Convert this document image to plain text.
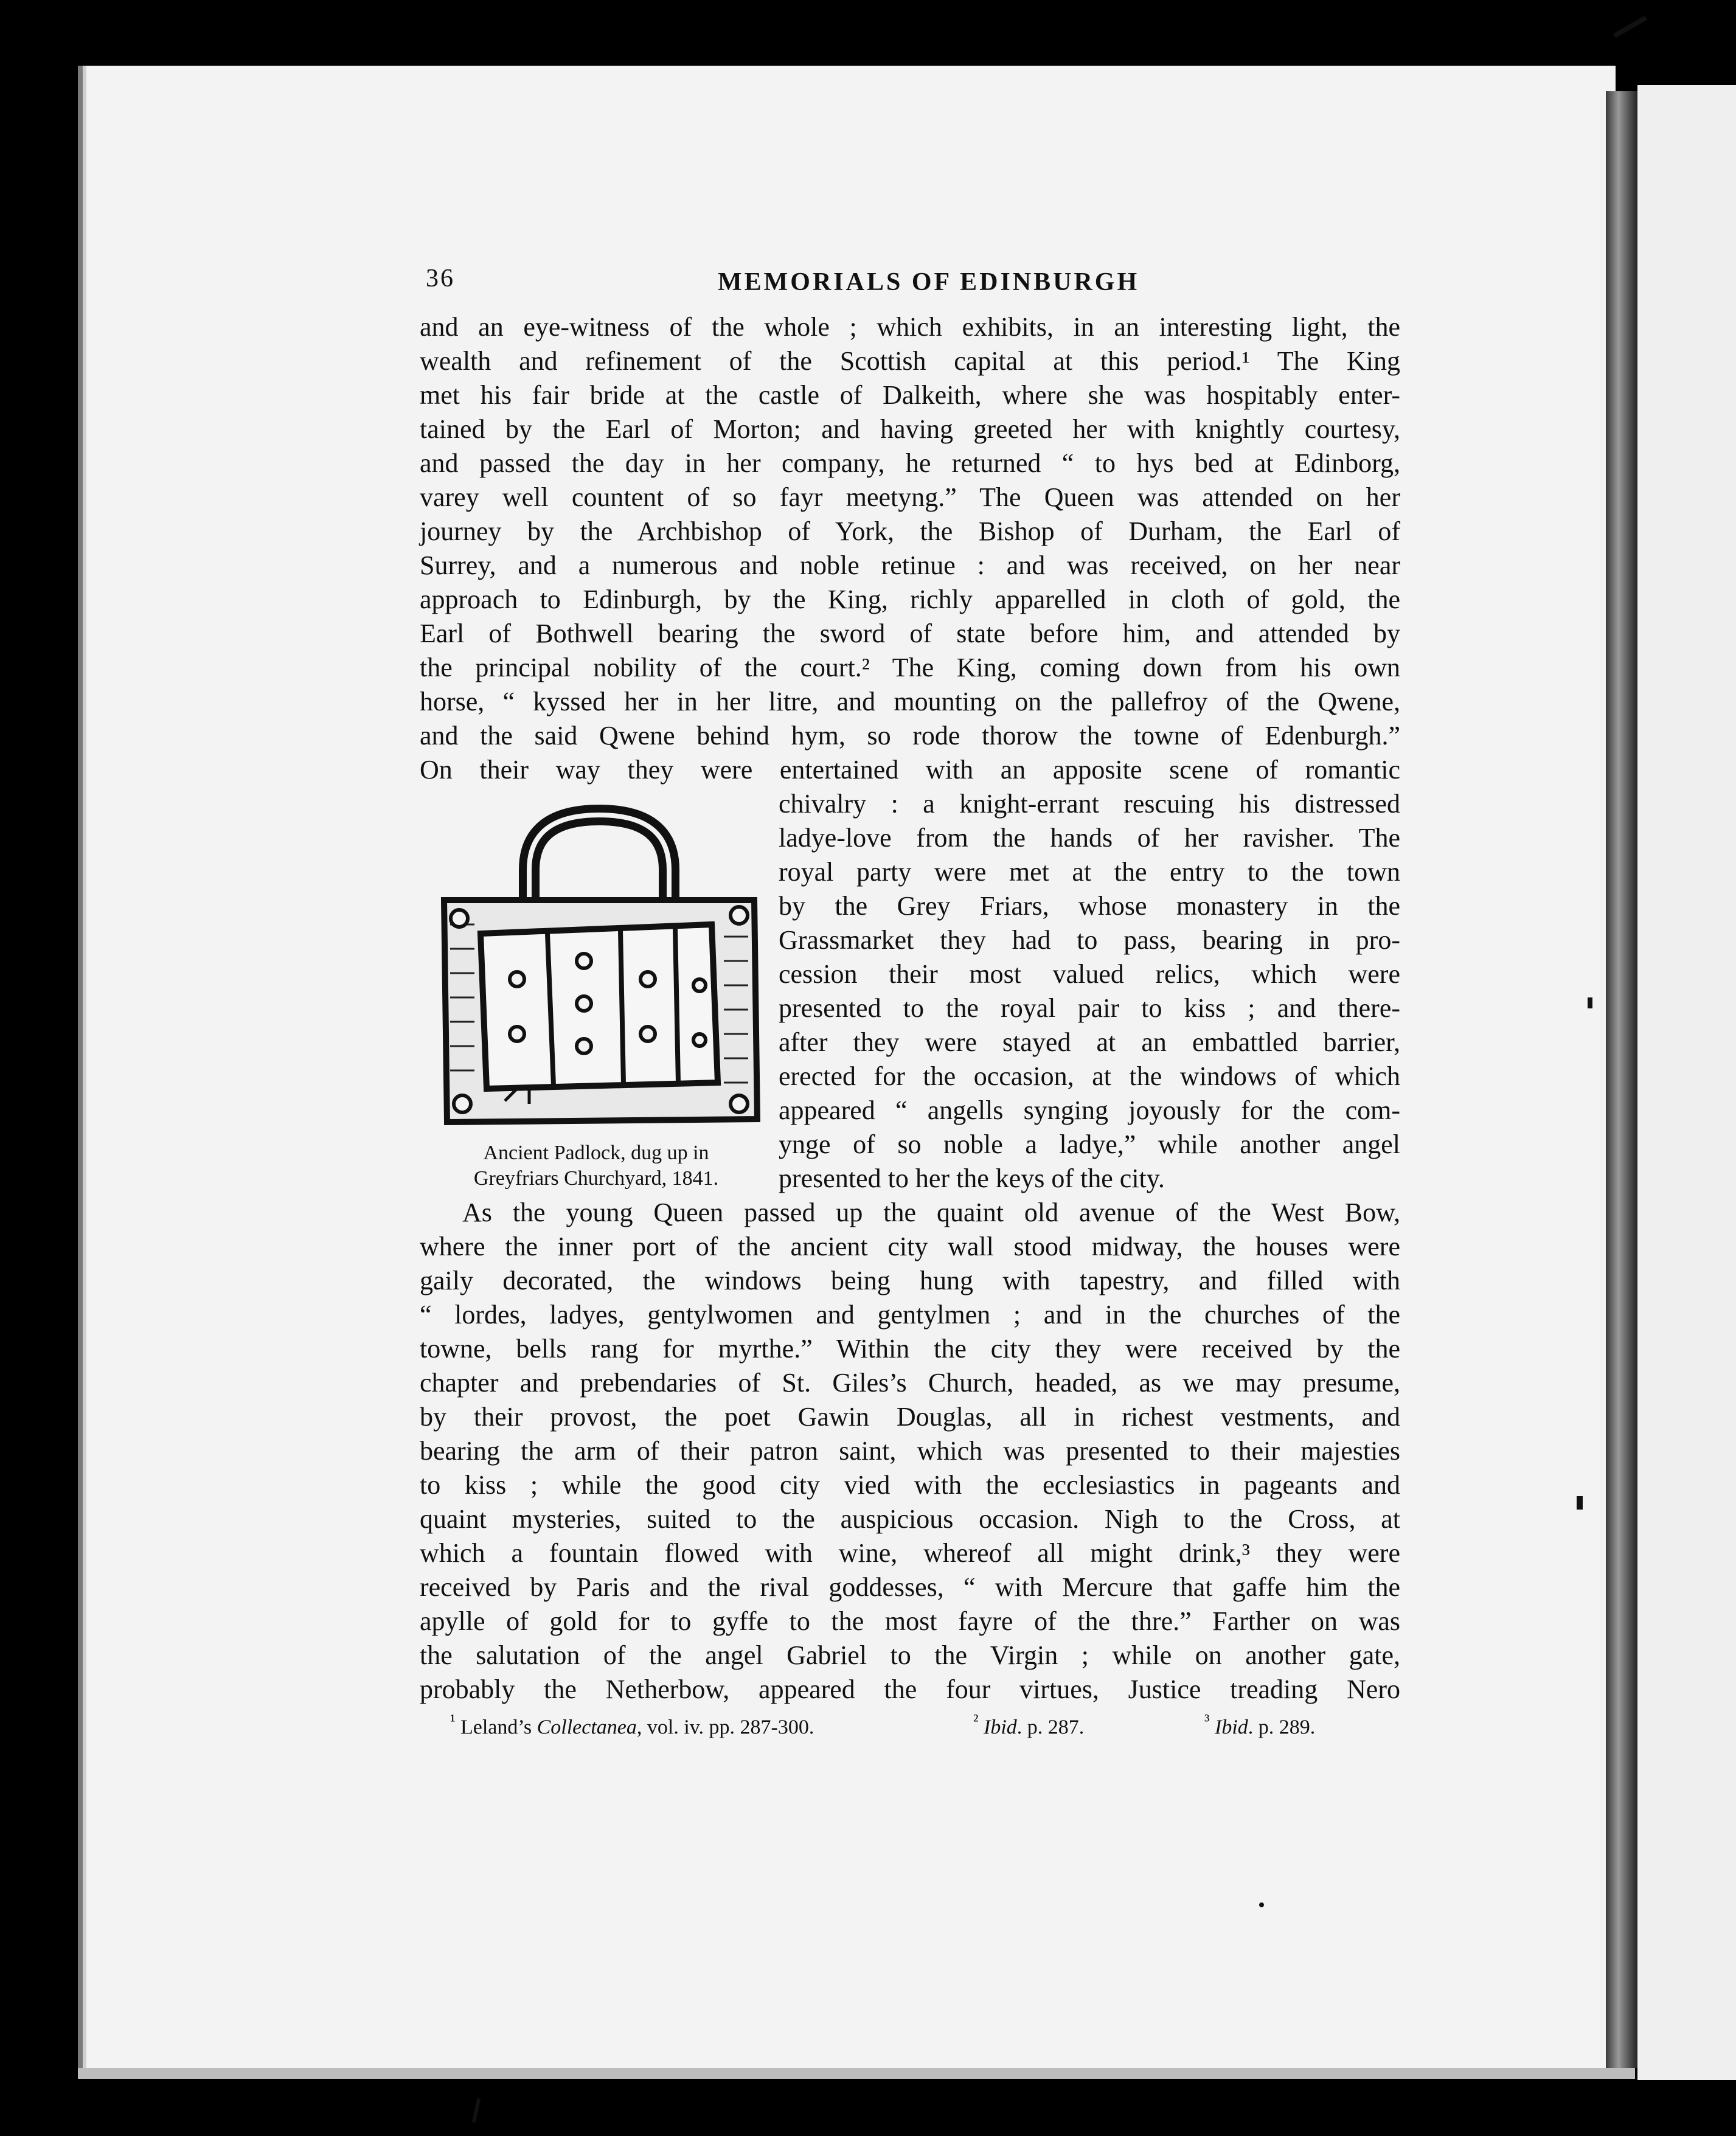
36	MEMORIALS OF EDINBURGH
and an eye-witness of the whole ; which exhibits, in an interesting light, the
wealth and refinement of the Scottish capital at this period.¹ The King
met his fair bride at the castle of Dalkeith, where she was hospitably enter-
tained by the Earl of Morton; and having greeted her with knightly courtesy,
and passed the day in her company, he returned “ to hys bed at Edinborg,
varey well countent of so fayr meetyng.” The Queen was attended on her
journey by the Archbishop of York, the Bishop of Durham, the Earl of
Surrey, and a numerous and noble retinue : and was received, on her near
approach to Edinburgh, by the King, richly apparelled in cloth of gold, the
Earl of Bothwell bearing the sword of state before him, and attended by
the principal nobility of the court.² The King, coming down from his own
horse, “ kyssed her in her litre, and mounting on the pallefroy of the Qwene,
and the said Qwene behind hym, so rode thorow the towne of Edenburgh.”
On their way they were entertained with an apposite scene of romantic
chivalry : a knight-errant rescuing his distressed
ladye-love from the hands of her ravisher. The
royal party were met at the entry to the town
by the Grey Friars, whose monastery in the
Grassmarket they had to pass, bearing in pro-
cession their most valued relics, which were
presented to the royal pair to kiss ; and there-
after they were stayed at an embattled barrier,
erected for the occasion, at the windows of which
appeared “ angells synging joyously for the com-
ynge of so noble a ladye,” while another angel
presented to her the keys of the city.
As the young Queen passed up the quaint old avenue of the West Bow,
where the inner port of the ancient city wall stood midway, the houses were
gaily decorated, the windows being hung with tapestry, and filled with
“ lordes, ladyes, gentylwomen and gentylmen ; and in the churches of the
towne, bells rang for myrthe.” Within the city they were received by the
chapter and prebendaries of St. Giles’s Church, headed, as we may presume,
by their provost, the poet Gawin Douglas, all in richest vestments, and
bearing the arm of their patron saint, which was presented to their majesties
to kiss ; while the good city vied with the ecclesiastics in pageants and
quaint mysteries, suited to the auspicious occasion. Nigh to the Cross, at
which a fountain flowed with wine, whereof all might drink,³ they were
received by Paris and the rival goddesses, “ with Mercure that gaffe him the
apylle of gold for to gyffe to the most fayre of the thre.” Farther on was
the salutation of the angel Gabriel to the Virgin ; while on another gate,
probably the Netherbow, appeared the four virtues, Justice treading Nero
Ancient Padlock, dug up in
Greyfriars Churchyard, 1841.
$^{^1}$ Leland’s Collectanea, vol. iv. pp. 287-300.	$^{^2}$ Ibid. p. 287.	$^{^3}$ Ibid. p. 289.
